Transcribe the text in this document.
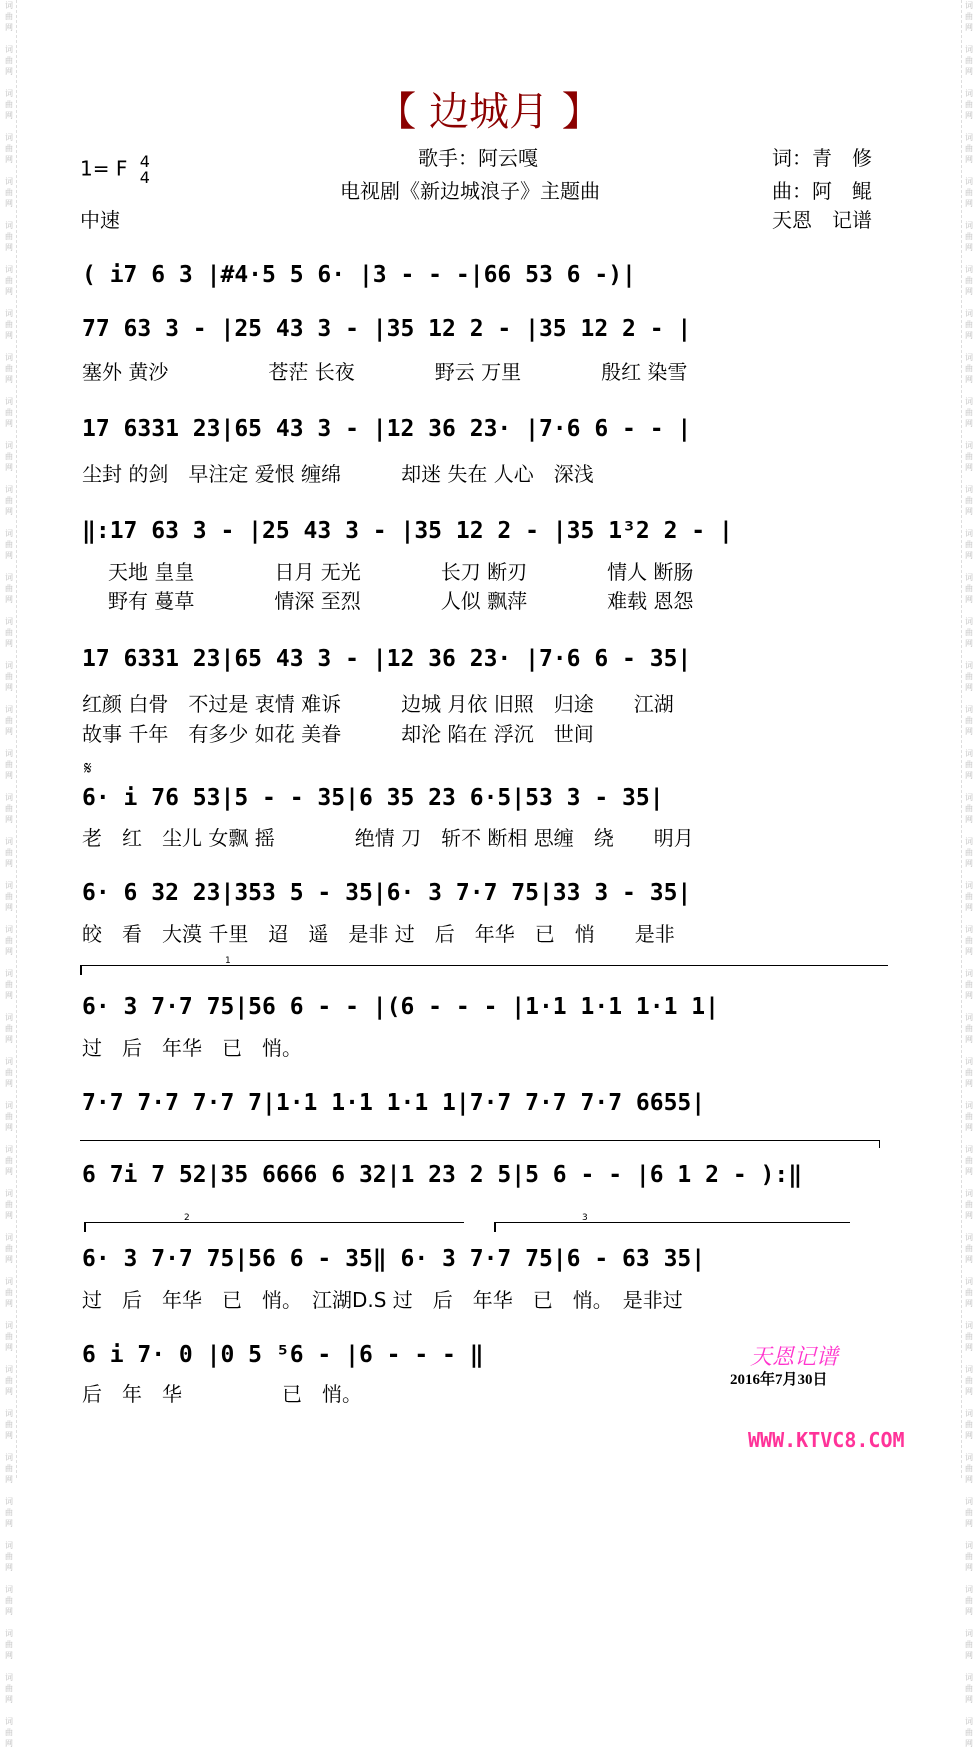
词
曲
网

词
曲
网

词
曲
网

词
曲
网

词
曲
网

词
曲
网

词
曲
网

词
曲
网

词
曲
网

词
曲
网

词
曲
网

词
曲
网

词
曲
网

词
曲
网

词
曲
网

词
曲
网

词
曲
网

词
曲
网

词
曲
网

词
曲
网

词
曲
网

词
曲
网

词
曲
网

词
曲
网

词
曲
网

词
曲
网

词
曲
网

词
曲
网

词
曲
网

词
曲
网

词
曲
网

词
曲
网

词
曲
网

词
曲
网

词
曲
网

词
曲
网

词
曲
网

词
曲
网

词
曲
网

词
曲
网

词
曲
网

词
曲
网

词
曲
网

词
曲
网

词
曲
网

词
曲
网

词
曲
网

词
曲
网

词
曲
网

词
曲
网

词
曲
网

词
曲
网

词
曲
网

词
曲
网

词
曲
网

词
曲
网

词
曲
网

词
曲
网

词
曲
网

词
曲
网

词
曲
网

词
曲
网

词
曲
网

词
曲
网

词
曲
网

词
曲
网

词
曲
网

词
曲
网

词
曲
网

词
曲
网

词
曲
网

词
曲
网

词
曲
网

词
曲
网

词
曲
网

词
曲
网

词
曲
网

词
曲
网

词
曲
网

词
曲
网

【 边城月 】
1= F 4
4
中速
歌手：阿云嘎
电视剧《新边城浪子》主题曲
词：青　修
曲：阿　鲲
天恩　记谱
( i7 6 3 |#4·5 5 6· |3 - - -|66 53 6 -)|
77 63 3 - |25 43 3 - |35 12 2 - |35 12 2 - |
塞外 黄沙　　　　　苍茫 长夜　　　　野云 万里　　　　殷红 染雪
17 6331 23|65 43 3 - |12 36 23· |7·6 6 - - |
尘封 的剑　早注定 爱恨 缠绵　　　却迷 失在 人心　深浅
‖:17 63 3 - |25 43 3 - |35 12 2 - |35 1³2 2 - |
天地 皇皇　　　　日月 无光　　　　长刀 断刃　　　　情人 断肠
野有 蔓草　　　　情深 至烈　　　　人似 飘萍　　　　难载 恩怨
17 6331 23|65 43 3 - |12 36 23· |7·6 6 - 35|
红颜 白骨　不过是 衷情 难诉　　　边城 月依 旧照　归途　　江湖
故事 千年　有多少 如花 美眷　　　却沦 陷在 浮沉　世间
𝄋
6· i 76 53|5 - - 35|6 35 23 6·5|53 3 - 35|
老　红　尘儿 女飘 摇　　　　绝情 刀　斩不 断相 思缠　绕　　明月
6· 6 32 23|353 5 - 35|6· 3 7·7 75|33 3 - 35|
皎　看　大漠 千里　迢　遥　是非 过　后　年华　已　悄　　是非
1
6· 3 7·7 75|56 6 - - |(6 - - - |1·1 1·1 1·1 1|
过　后　年华　已　悄。
7·7 7·7 7·7 7|1·1 1·1 1·1 1|7·7 7·7 7·7 6655|
6 7i 7 52|35 6666 6 32|1 23 2 5|5 6 - - |6 1 2 - ):‖
2	3
6· 3 7·7 75|56 6 - 35‖ 6· 3 7·7 75|6 - 63 35|
过　后　年华　已　悄。　江湖D.S 过　后　年华　已　悄。　是非过
6 i 7· 0 |0 5 ⁵6 - |6 - - - ‖
后　年　华　　　　　已　悄。
天恩记谱
2016年7月30日
WWW.KTVC8.COM
